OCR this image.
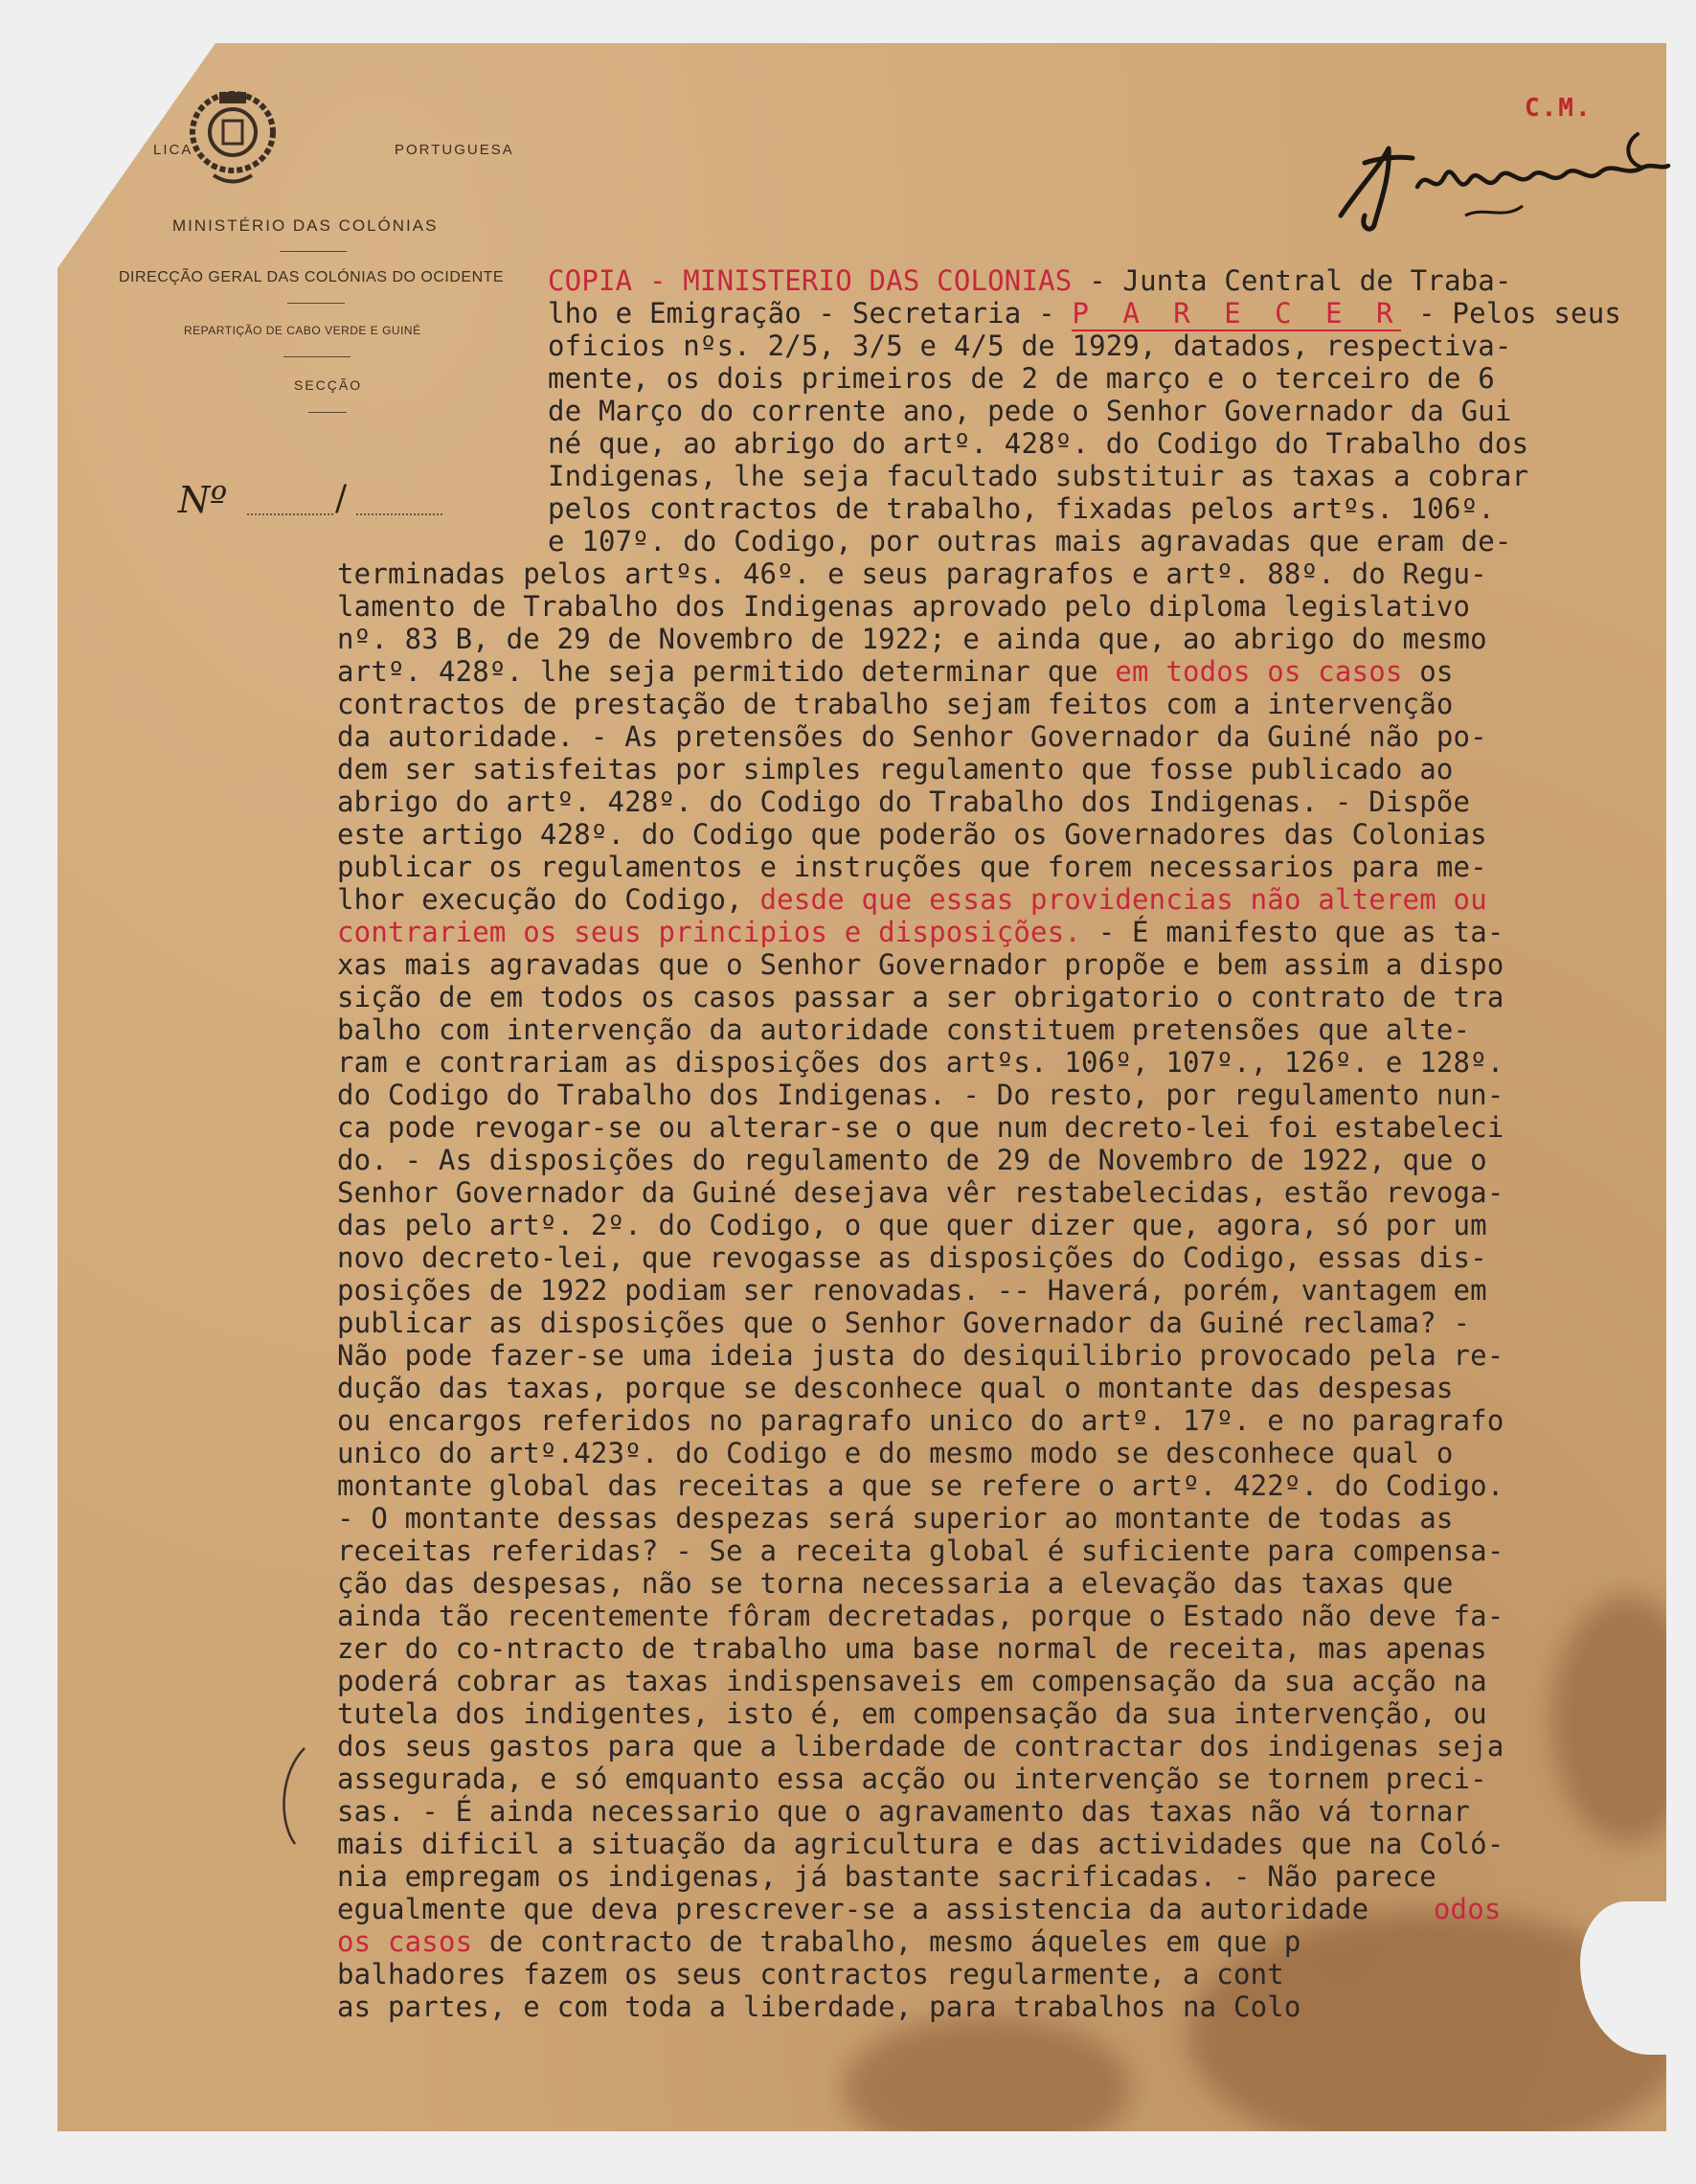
LICA	PORTUGUESA
MINISTÉRIO DAS COLÓNIAS
DIRECÇÃO GERAL DAS COLÓNIAS DO OCIDENTE
REPARTIÇÃO DE CABO VERDE E GUINÉ
SECÇÃO
Nº	/
C.M.
COPIA - MINISTERIO DAS COLONIAS - Junta Central de Traba-
lho e Emigração - Secretaria - P A R E C E R - Pelos seus
oficios nºs. 2/5, 3/5 e 4/5 de 1929, datados, respectiva-
mente, os dois primeiros de 2 de março e o terceiro de 6
de Março do corrente ano, pede o Senhor Governador da Gui
né que, ao abrigo do artº. 428º. do Codigo do Trabalho dos
Indigenas, lhe seja facultado substituir as taxas a cobrar
pelos contractos de trabalho, fixadas pelos artºs. 106º.
e 107º. do Codigo, por outras mais agravadas que eram de-
terminadas pelos artºs. 46º. e seus paragrafos e artº. 88º. do Regu-
lamento de Trabalho dos Indigenas aprovado pelo diploma legislativo
nº. 83 B, de 29 de Novembro de 1922; e ainda que, ao abrigo do mesmo
artº. 428º. lhe seja permitido determinar que em todos os casos os
contractos de prestação de trabalho sejam feitos com a intervenção
da autoridade. - As pretensões do Senhor Governador da Guiné não po-
dem ser satisfeitas por simples regulamento que fosse publicado ao
abrigo do artº. 428º. do Codigo do Trabalho dos Indigenas. - Dispõe
este artigo 428º. do Codigo que poderão os Governadores das Colonias
publicar os regulamentos e instruções que forem necessarios para me-
lhor execução do Codigo, desde que essas providencias não alterem ou
contrariem os seus principios e disposições. - É manifesto que as ta-
xas mais agravadas que o Senhor Governador propõe e bem assim a dispo
sição de em todos os casos passar a ser obrigatorio o contrato de tra
balho com intervenção da autoridade constituem pretensões que alte-
ram e contrariam as disposições dos artºs. 106º, 107º., 126º. e 128º.
do Codigo do Trabalho dos Indigenas. - Do resto, por regulamento nun-
ca pode revogar-se ou alterar-se o que num decreto-lei foi estabeleci
do. - As disposições do regulamento de 29 de Novembro de 1922, que o
Senhor Governador da Guiné desejava vêr restabelecidas, estão revoga-
das pelo artº. 2º. do Codigo, o que quer dizer que, agora, só por um
novo decreto-lei, que revogasse as disposições do Codigo, essas dis-
posições de 1922 podiam ser renovadas. -- Haverá, porém, vantagem em
publicar as disposições que o Senhor Governador da Guiné reclama? -
Não pode fazer-se uma ideia justa do desiquilibrio provocado pela re-
dução das taxas, porque se desconhece qual o montante das despesas
ou encargos referidos no paragrafo unico do artº. 17º. e no paragrafo
unico do artº.423º. do Codigo e do mesmo modo se desconhece qual o
montante global das receitas a que se refere o artº. 422º. do Codigo.
- O montante dessas despezas será superior ao montante de todas as
receitas referidas? - Se a receita global é suficiente para compensa-
ção das despesas, não se torna necessaria a elevação das taxas que
ainda tão recentemente fôram decretadas, porque o Estado não deve fa-
zer do co-ntracto de trabalho uma base normal de receita, mas apenas
poderá cobrar as taxas indispensaveis em compensação da sua acção na
tutela dos indigentes, isto é, em compensação da sua intervenção, ou
dos seus gastos para que a liberdade de contractar dos indigenas seja
assegurada, e só emquanto essa acção ou intervenção se tornem preci-
sas. - É ainda necessario que o agravamento das taxas não vá tornar
mais dificil a situação da agricultura e das actividades que na Coló-
nia empregam os indigenas, já bastante sacrificadas. - Não parece
egualmente que deva prescrever-se a assistencia da autoridade odos
os casos de contracto de trabalho, mesmo áqueles em que p
balhadores fazem os seus contractos regularmente, a cont
as partes, e com toda a liberdade, para trabalhos na Colo
